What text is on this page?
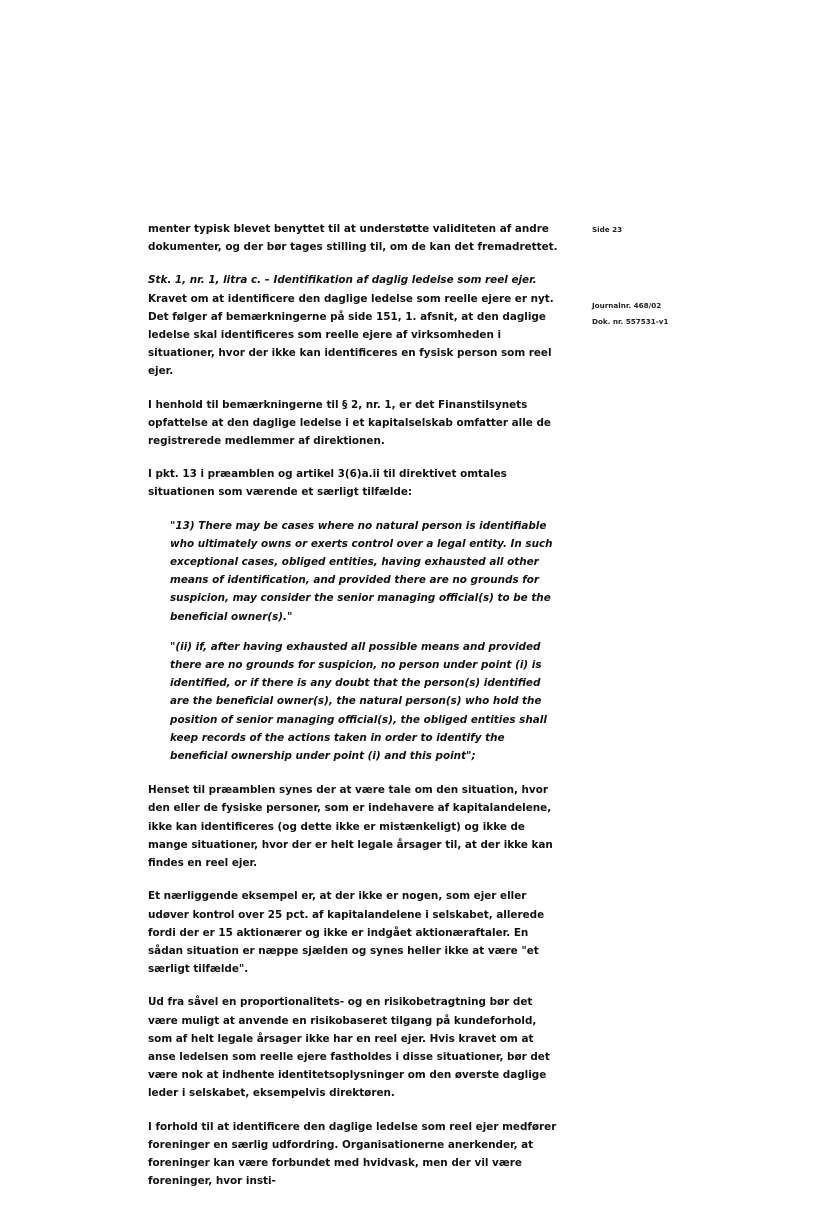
Side 23
Journalnr. 468/02
Dok. nr. 557531-v1

menter typisk blevet benyttet til at understøtte validiteten af andre dokumenter, og der bør tages stilling til, om de kan det fremadrettet.

Stk. 1, nr. 1, litra c. – Identifikation af daglig ledelse som reel ejer. Kravet om at identificere den daglige ledelse som reelle ejere er nyt. Det følger af bemærkningerne på side 151, 1. afsnit, at den daglige ledelse skal identificeres som reelle ejere af virksomheden i situationer, hvor der ikke kan identificeres en fysisk person som reel ejer.

I henhold til bemærkningerne til § 2, nr. 1, er det Finanstilsynets opfattelse at den daglige ledelse i et kapitalselskab omfatter alle de registrerede medlemmer af direktionen.

I pkt. 13 i præamblen og artikel 3(6)a.ii til direktivet omtales situationen som værende et særligt tilfælde:

"13) There may be cases where no natural person is identifiable who ultimately owns or exerts control over a legal entity. In such exceptional cases, obliged entities, having exhausted all other means of identification, and provided there are no grounds for suspicion, may consider the senior managing official(s) to be the beneficial owner(s)."

"(ii) if, after having exhausted all possible means and provided there are no grounds for suspicion, no person under point (i) is identified, or if there is any doubt that the person(s) identified are the beneficial owner(s), the natural person(s) who hold the position of senior managing official(s), the obliged entities shall keep records of the actions taken in order to identify the beneficial ownership under point (i) and this point";

Henset til præamblen synes der at være tale om den situation, hvor den eller de fysiske personer, som er indehavere af kapitalandelene, ikke kan identificeres (og dette ikke er mistænkeligt) og ikke de mange situationer, hvor der er helt legale årsager til, at der ikke kan findes en reel ejer.

Et nærliggende eksempel er, at der ikke er nogen, som ejer eller udøver kontrol over 25 pct. af kapitalandelene i selskabet, allerede fordi der er 15 aktionærer og ikke er indgået aktionæraftaler. En sådan situation er næppe sjælden og synes heller ikke at være "et særligt tilfælde".

Ud fra såvel en proportionalitets- og en risikobetragtning bør det være muligt at anvende en risikobaseret tilgang på kundeforhold, som af helt legale årsager ikke har en reel ejer. Hvis kravet om at anse ledelsen som reelle ejere fastholdes i disse situationer, bør det være nok at indhente identitetsoplysninger om den øverste daglige leder i selskabet, eksempelvis direktøren.

I forhold til at identificere den daglige ledelse som reel ejer medfører foreninger en særlig udfordring. Organisationerne anerkender, at foreninger kan være forbundet med hvidvask, men der vil være foreninger, hvor insti-
